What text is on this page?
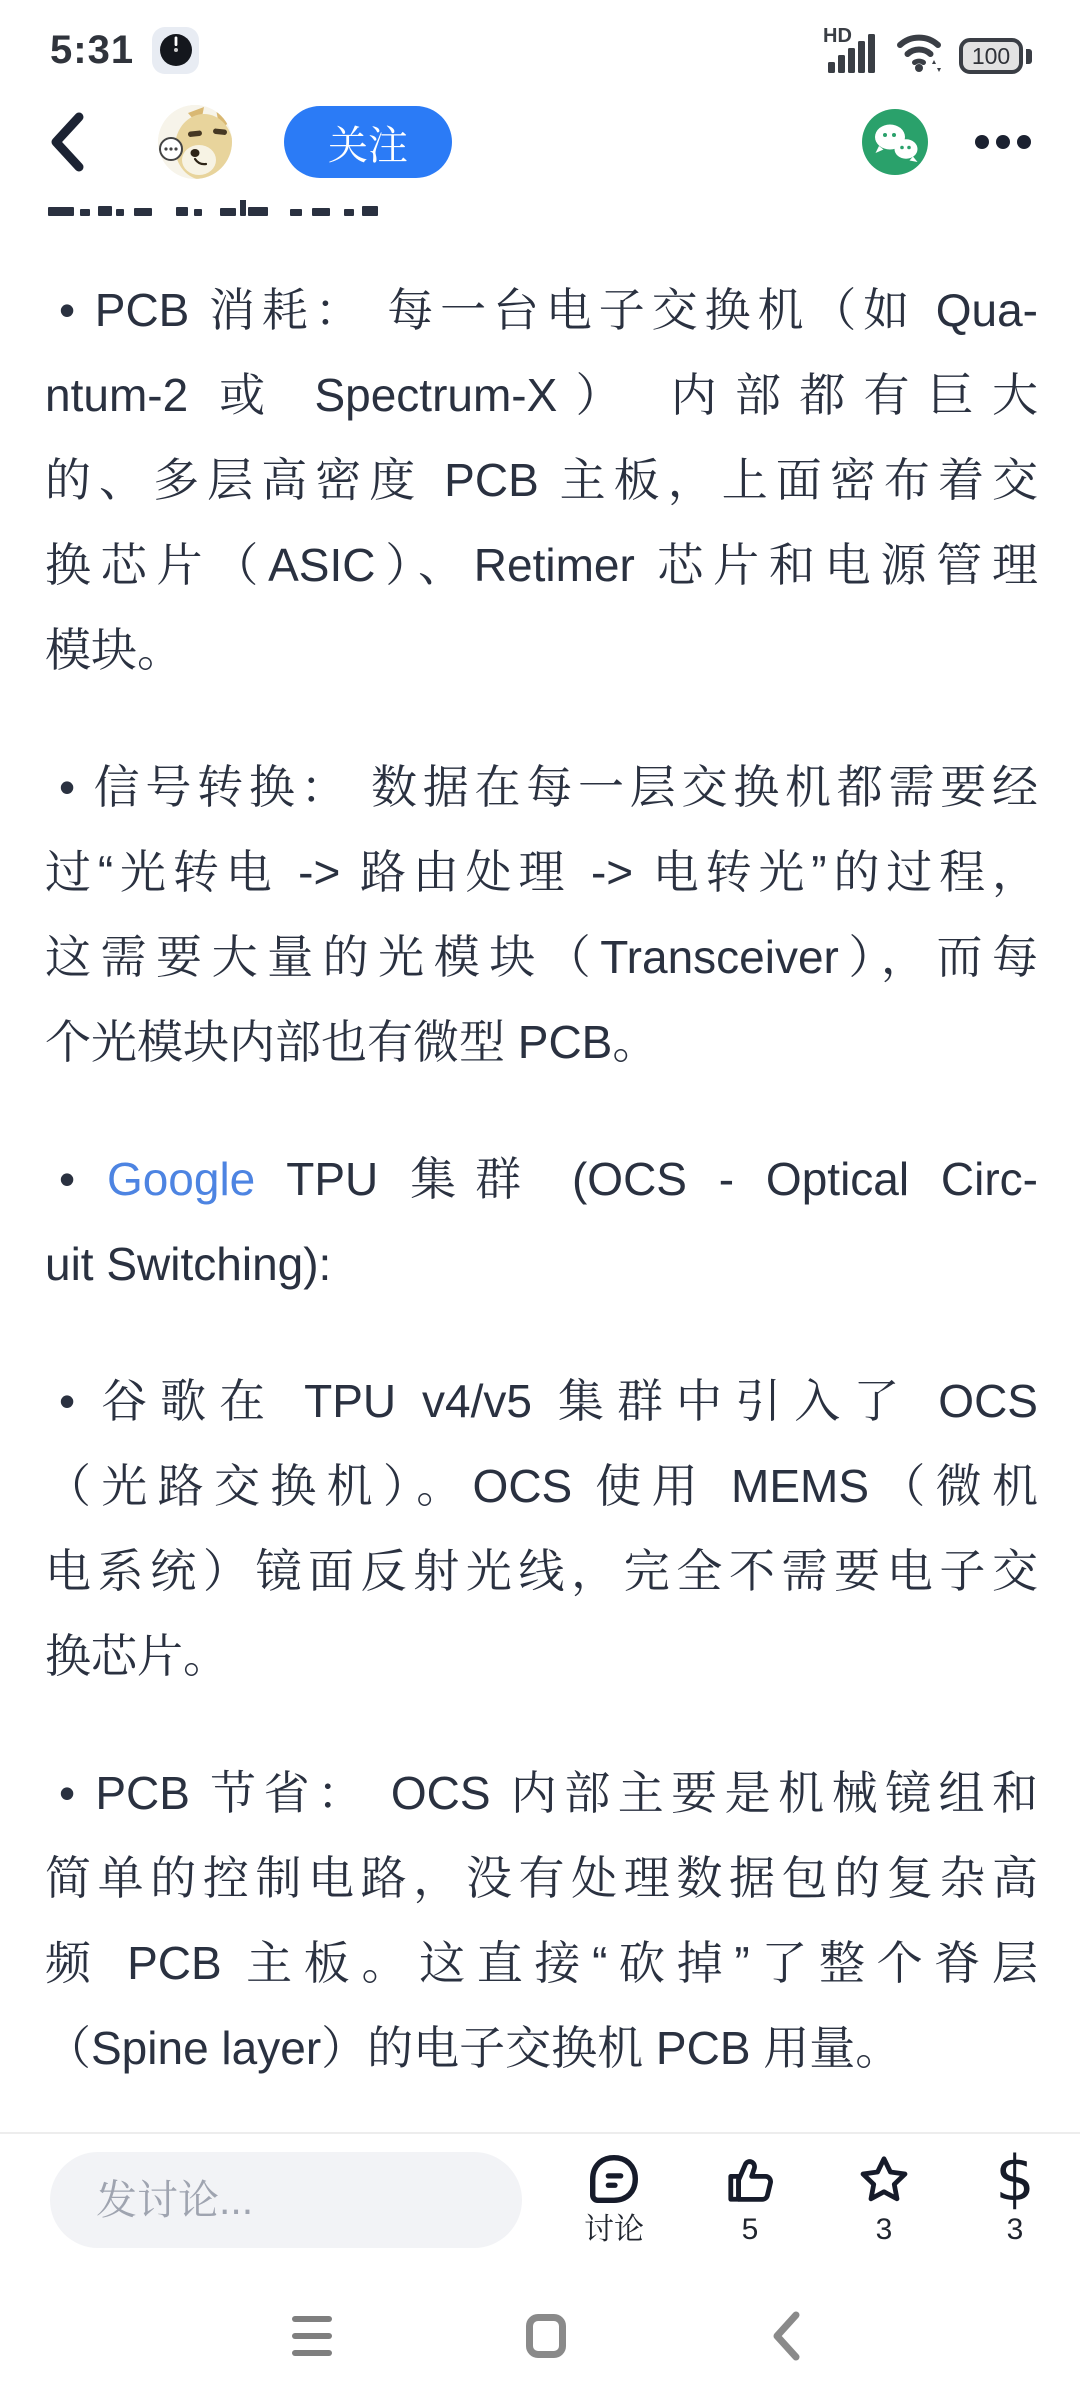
5:31	HD
100
关注
• PCB 消耗： 每一台电子交换机（如 Qua-
ntum-2 或 Spectrum-X） 内部都有巨大
的、多层高密度 PCB 主板，上面密布着交
换芯片（ASIC）、Retimer 芯片和电源管理
模块。
• 信号转换： 数据在每一层交换机都需要经
过“光转电 -> 路由处理 -> 电转光”的过程，
这需要大量的光模块（Transceiver），而每
个光模块内部也有微型 PCB。
• Google TPU 集群 (OCS - Optical Circ-
uit Switching):
• 谷歌在 TPU v4/v5 集群中引入了 OCS
（光路交换机）。OCS 使用 MEMS（微机
电系统）镜面反射光线，完全不需要电子交
换芯片。
• PCB 节省： OCS 内部主要是机械镜组和
简单的控制电路，没有处理数据包的复杂高
频 PCB 主板。这直接“砍掉”了整个脊层
（Spine layer）的电子交换机 PCB 用量。
发讨论...
讨论	5	3
$
3
